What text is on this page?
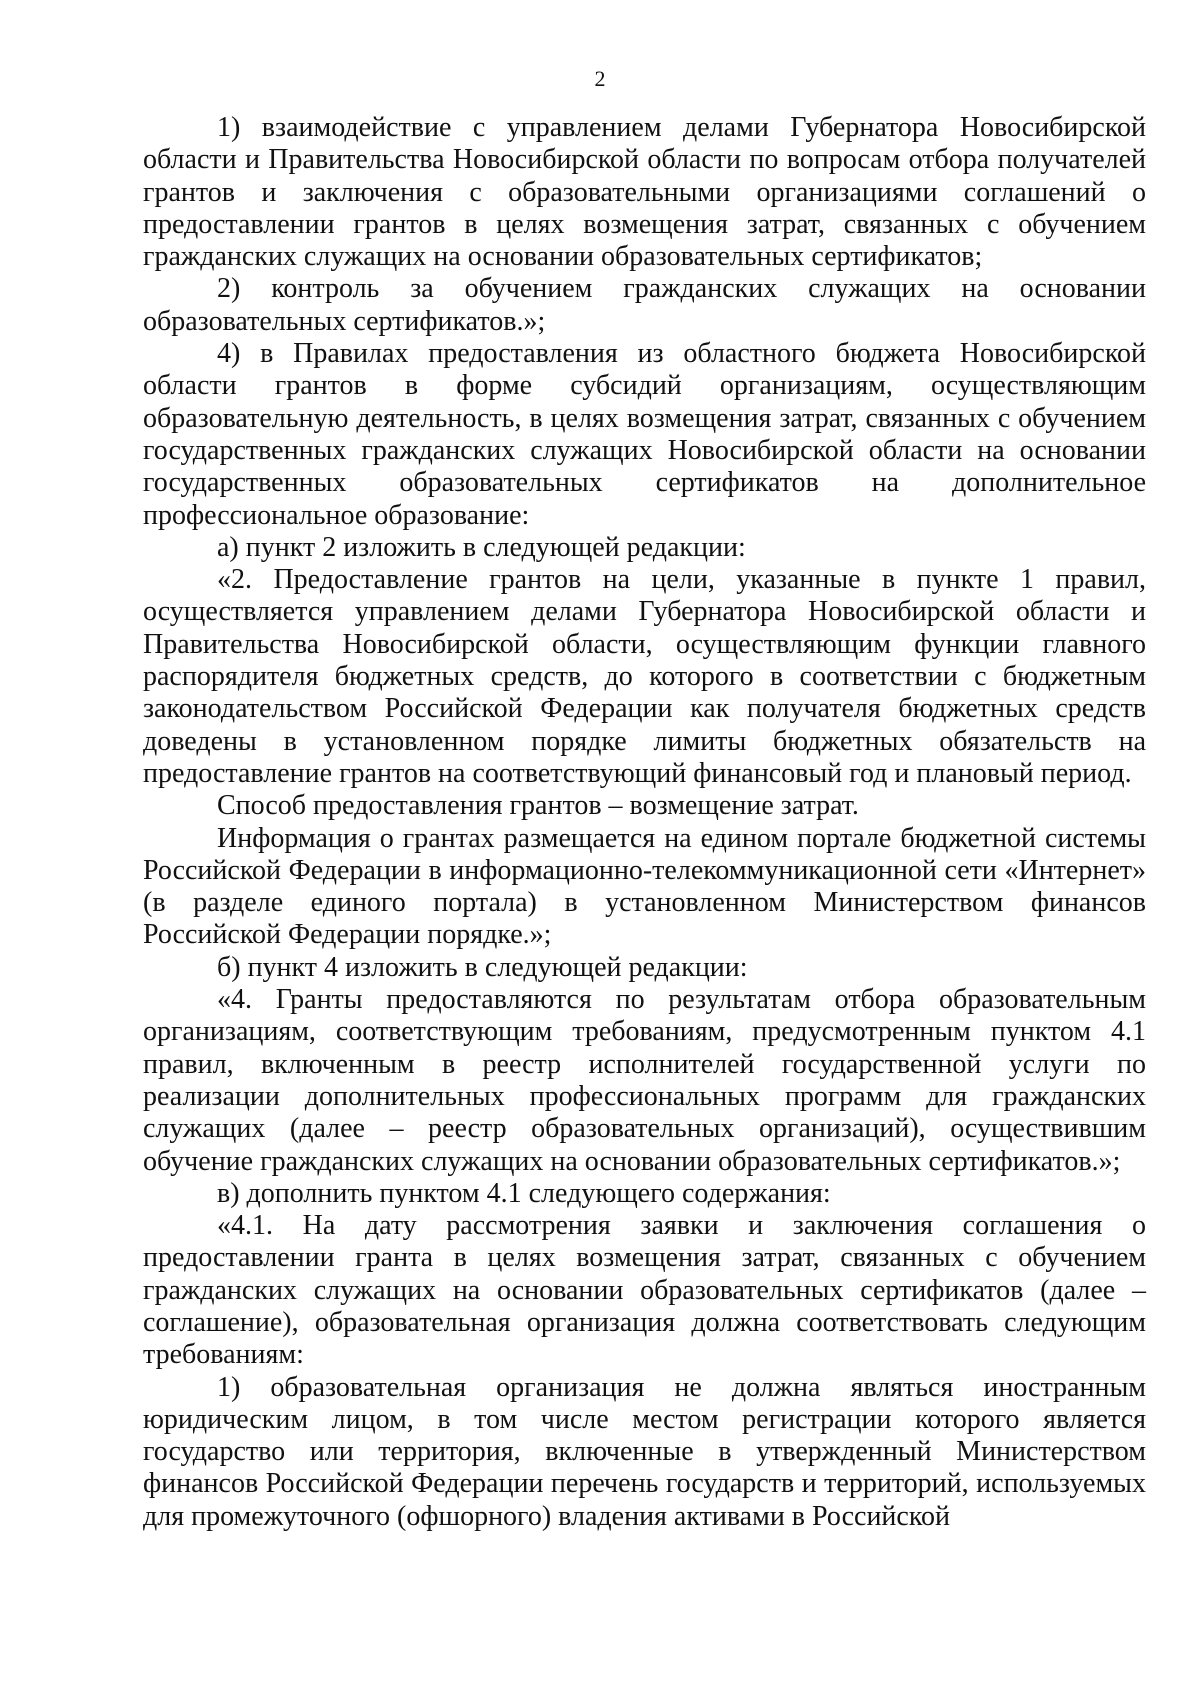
2

1) взаимодействие с управлением делами Губернатора Новосибирской области и Правительства Новосибирской области по вопросам отбора получателей грантов и заключения с образовательными организациями соглашений о предоставлении грантов в целях возмещения затрат, связанных с обучением гражданских служащих на основании образовательных сертификатов;

2) контроль за обучением гражданских служащих на основании образовательных сертификатов.»;

4) в Правилах предоставления из областного бюджета Новосибирской области грантов в форме субсидий организациям, осуществляющим образовательную деятельность, в целях возмещения затрат, связанных с обучением государственных гражданских служащих Новосибирской области на основании государственных образовательных сертификатов на дополнительное профессиональное образование:

а) пункт 2 изложить в следующей редакции:

«2. Предоставление грантов на цели, указанные в пункте 1 правил, осуществляется управлением делами Губернатора Новосибирской области и Правительства Новосибирской области, осуществляющим функции главного распорядителя бюджетных средств, до которого в соответствии с бюджетным законодательством Российской Федерации как получателя бюджетных средств доведены в установленном порядке лимиты бюджетных обязательств на предоставление грантов на соответствующий финансовый год и плановый период.

Способ предоставления грантов – возмещение затрат.

Информация о грантах размещается на едином портале бюджетной системы Российской Федерации в информационно-телекоммуникационной сети «Интернет» (в разделе единого портала) в установленном Министерством финансов Российской Федерации порядке.»;

б) пункт 4 изложить в следующей редакции:

«4. Гранты предоставляются по результатам отбора образовательным организациям, соответствующим требованиям, предусмотренным пунктом 4.1 правил, включенным в реестр исполнителей государственной услуги по реализации дополнительных профессиональных программ для гражданских служащих (далее – реестр образовательных организаций), осуществившим обучение гражданских служащих на основании образовательных сертификатов.»;

в) дополнить пунктом 4.1 следующего содержания:

«4.1. На дату рассмотрения заявки и заключения соглашения о предоставлении гранта в целях возмещения затрат, связанных с обучением гражданских служащих на основании образовательных сертификатов (далее – соглашение), образовательная организация должна соответствовать следующим требованиям:

1) образовательная организация не должна являться иностранным юридическим лицом, в том числе местом регистрации которого является государство или территория, включенные в утвержденный Министерством финансов Российской Федерации перечень государств и территорий, используемых для промежуточного (офшорного) владения активами в Российской
